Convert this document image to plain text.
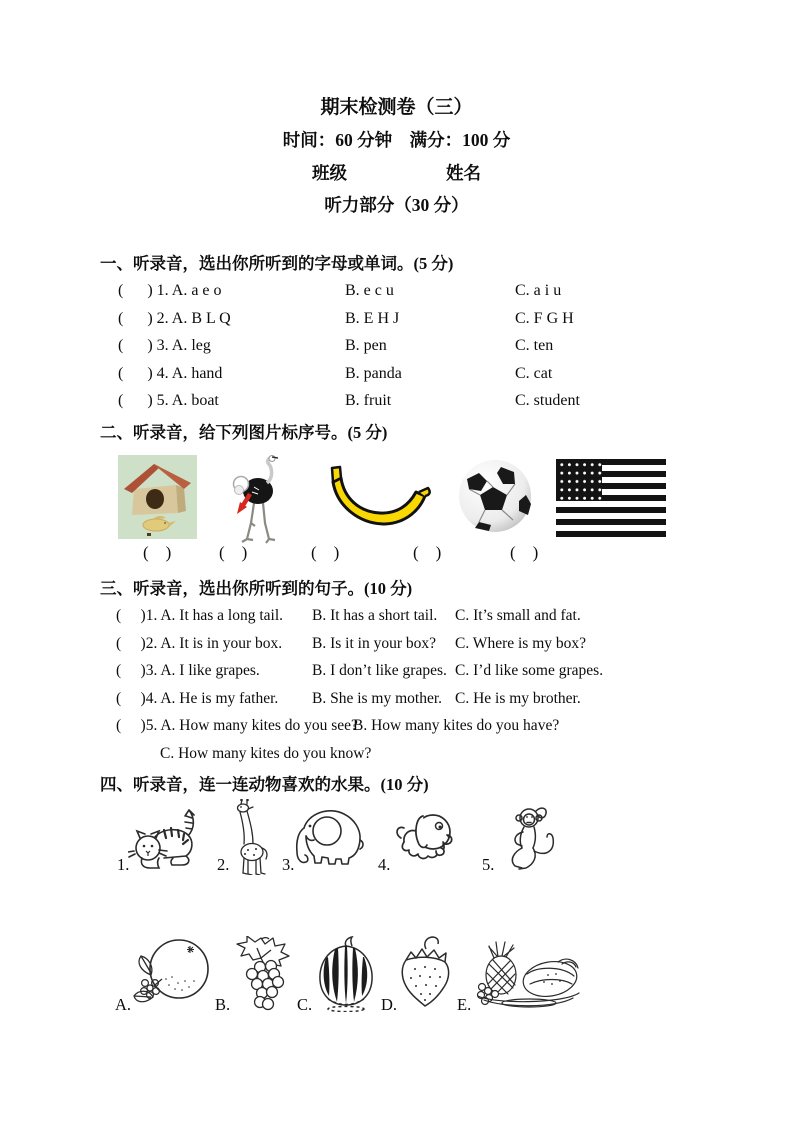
期末检测卷（三）
时间：60 分钟　满分：100 分
班级	姓名
听力部分（30 分）
一、听录音，选出你所听到的字母或单词。(5 分)
(      ) 1. A. a e o	B. e c u	C. a i u
(      ) 2. A. B L Q	B. E H J	C. F G H
(      ) 3. A. leg	B. pen	C. ten
(      ) 4. A. hand	B. panda	C. cat
(      ) 5. A. boat	B. fruit	C. student
二、听录音，给下列图片标序号。(5 分)
(    )	(    )	(    )	(    )	(    )
三、听录音，选出你所听到的句子。(10 分)
(     )1. A. It has a long tail.	B. It has a short tail.	C. It’s small and fat.
(     )2. A. It is in your box.	B. Is it in your box?	C. Where is my box?
(     )3. A. I like grapes.	B. I don’t like grapes. C. I’d like some grapes.
(     )4. A. He is my father.	B. She is my mother. C. He is my brother.
(     )5. A. How many kites do you see?
B. How many kites do you have?
C. How many kites do you know?
四、听录音，连一连动物喜欢的水果。(10 分)
1.	2.	3.	4.	5.
A.	B.	C.	D.	E.
